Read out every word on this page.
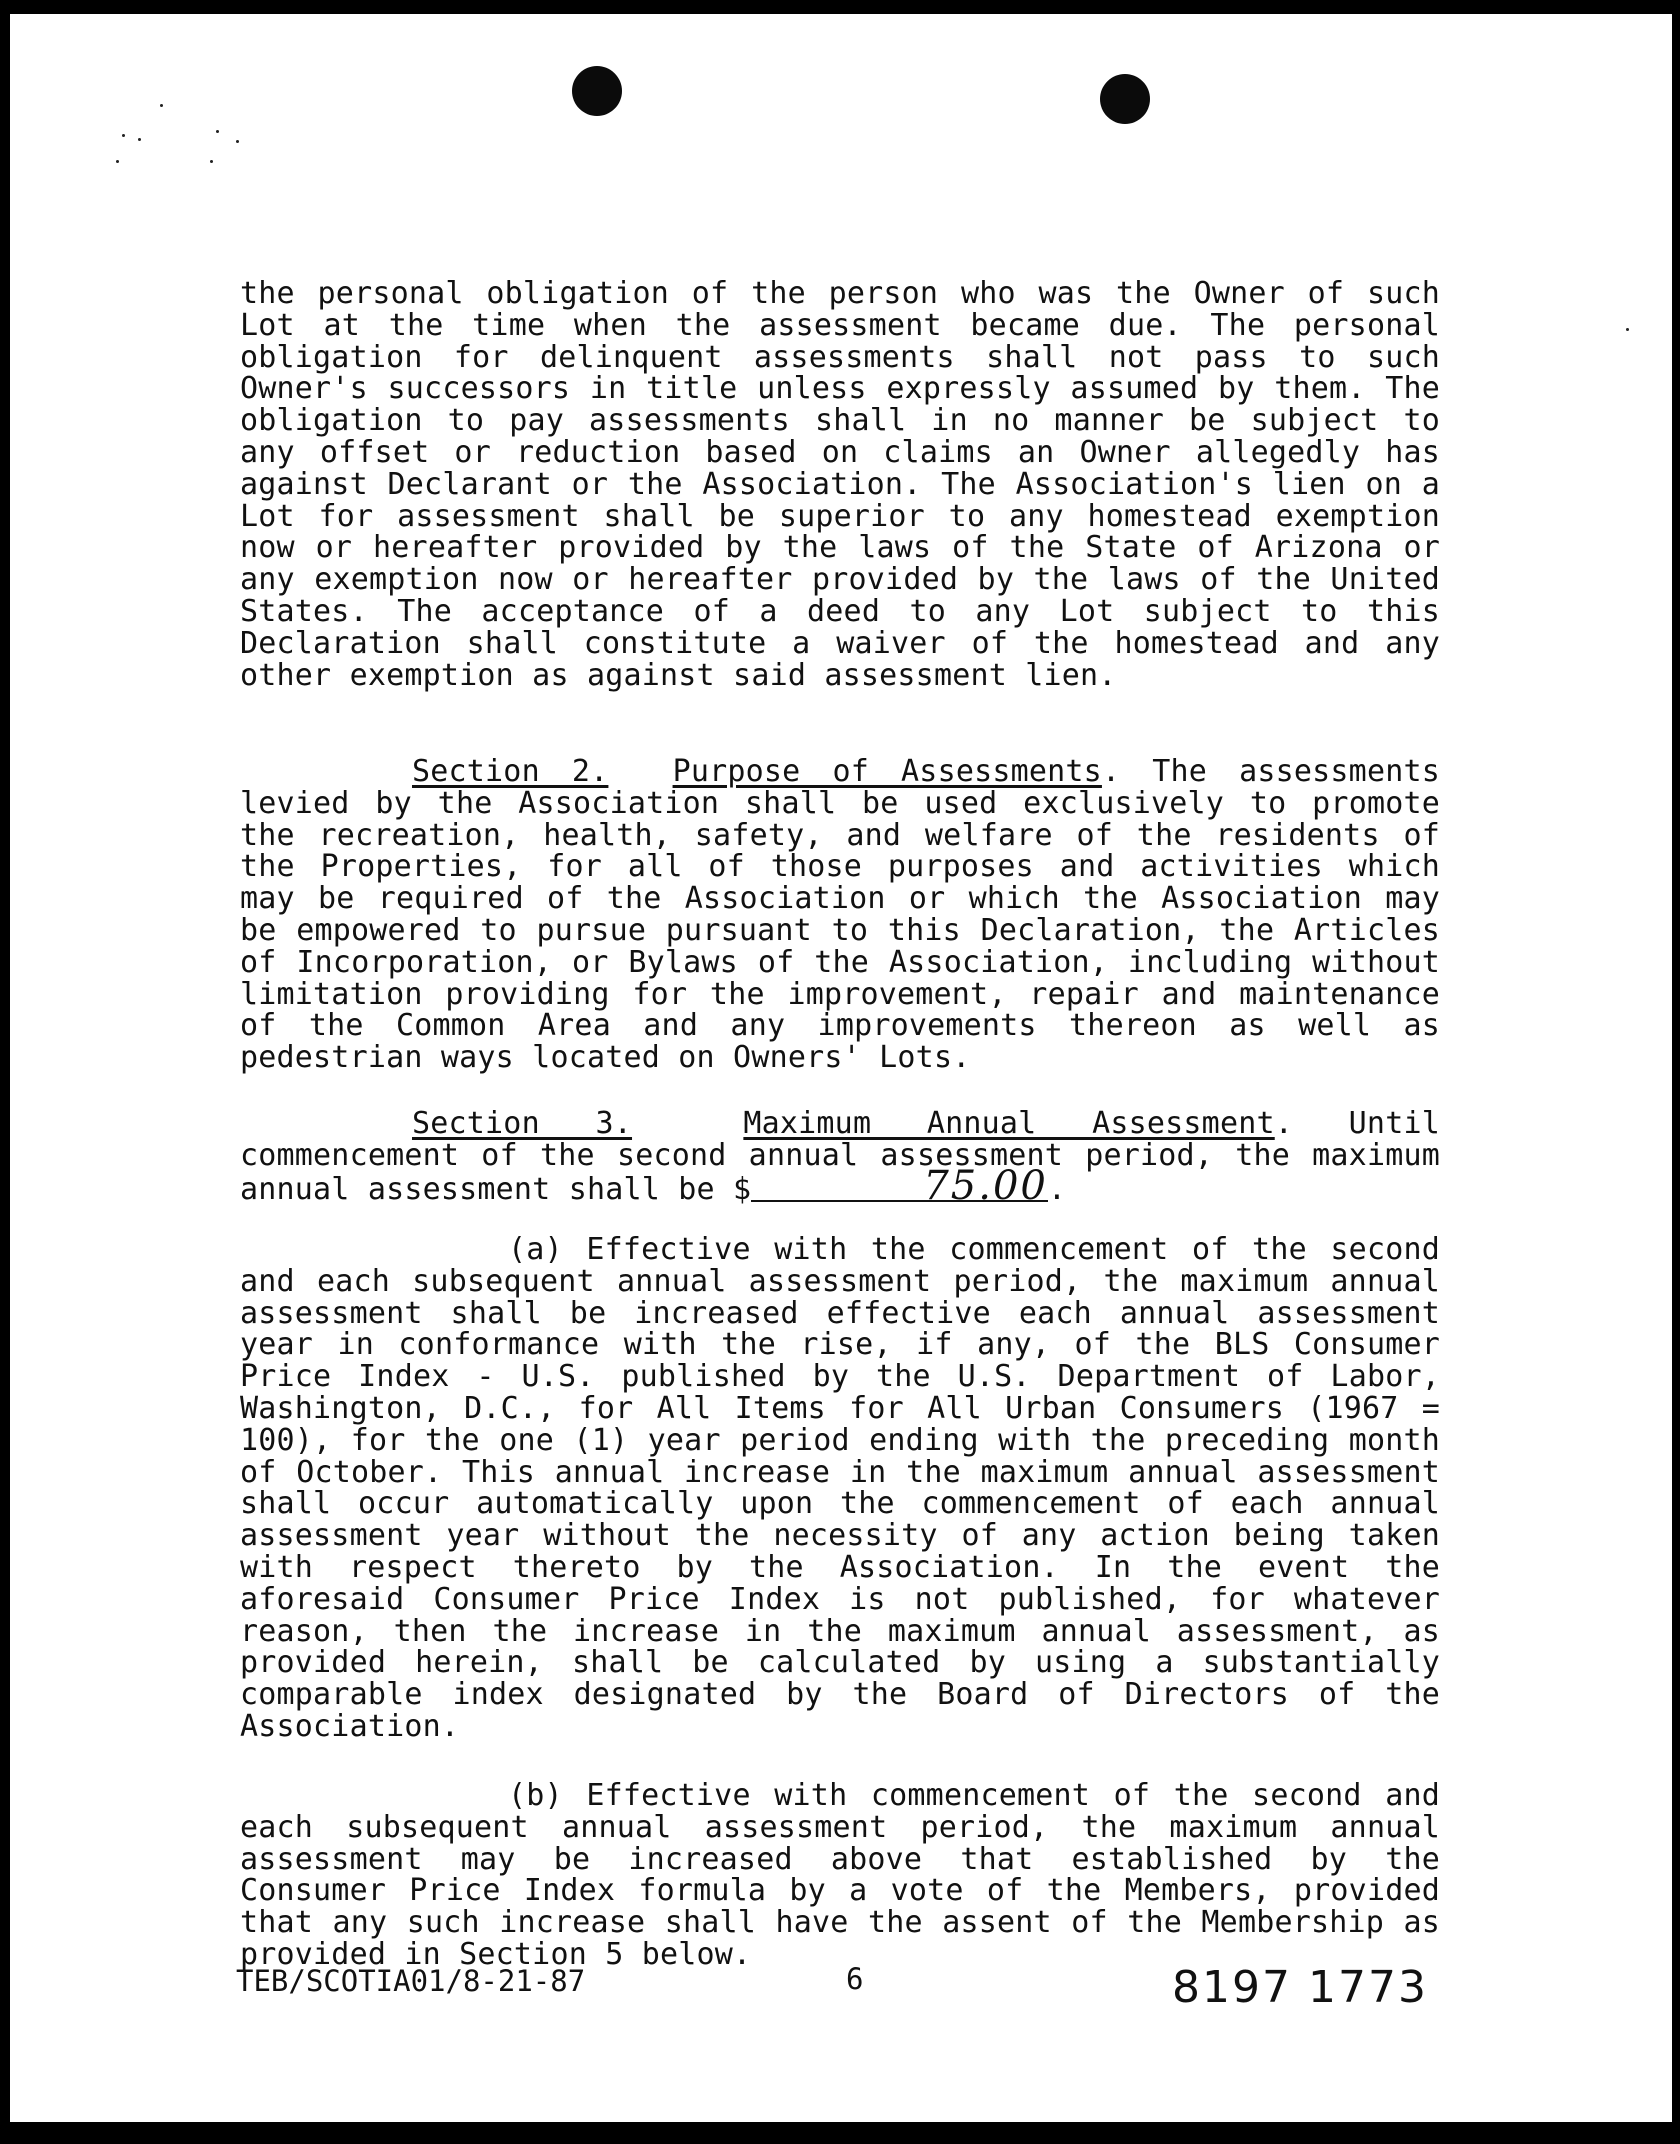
the personal obligation of the person who was the Owner of such Lot at the time when the assessment became due. The personal obligation for delinquent assessments shall not pass to such Owner's successors in title unless expressly assumed by them. The obligation to pay assessments shall in no manner be subject to any offset or reduction based on claims an Owner allegedly has against Declarant or the Association. The Association's lien on a Lot for assessment shall be superior to any homestead exemption now or hereafter provided by the laws of the State of Arizona or any exemption now or hereafter provided by the laws of the United States. The acceptance of a deed to any Lot subject to this Declaration shall constitute a waiver of the homestead and any other exemption as against said assessment lien.

Section 2. Purpose of Assessments. The assessments levied by the Association shall be used exclusively to promote the recreation, health, safety, and welfare of the residents of the Properties, for all of those purposes and activities which may be required of the Association or which the Association may be empowered to pursue pursuant to this Declaration, the Articles of Incorporation, or Bylaws of the Association, including without limitation providing for the improvement, repair and maintenance of the Common Area and any improvements thereon as well as pedestrian ways located on Owners' Lots.

Section 3.	Maximum Annual Assessment. Until commencement of the second annual assessment period, the maximum annual assessment shall be $	75.00.

(a) Effective with the commencement of the second and each subsequent annual assessment period, the maximum annual assessment shall be increased effective each annual assessment year in conformance with the rise, if any, of the BLS Consumer Price Index - U.S. published by the U.S. Department of Labor, Washington, D.C., for All Items for All Urban Consumers (1967 = 100), for the one (1) year period ending with the preceding month of October. This annual increase in the maximum annual assessment shall occur automatically upon the commencement of each annual assessment year without the necessity of any action being taken with respect thereto by the Association. In the event the aforesaid Consumer Price Index is not published, for whatever reason, then the increase in the maximum annual assessment, as provided herein, shall be calculated by using a substantially comparable index designated by the Board of Directors of the Association.

(b) Effective with commencement of the second and each subsequent annual assessment period, the maximum annual assessment may be increased above that established by the Consumer Price Index formula by a vote of the Members, provided that any such increase shall have the assent of the Membership as provided in Section 5 below.

TEB/SCOTIA01/8-21-87	6	8197 1773
